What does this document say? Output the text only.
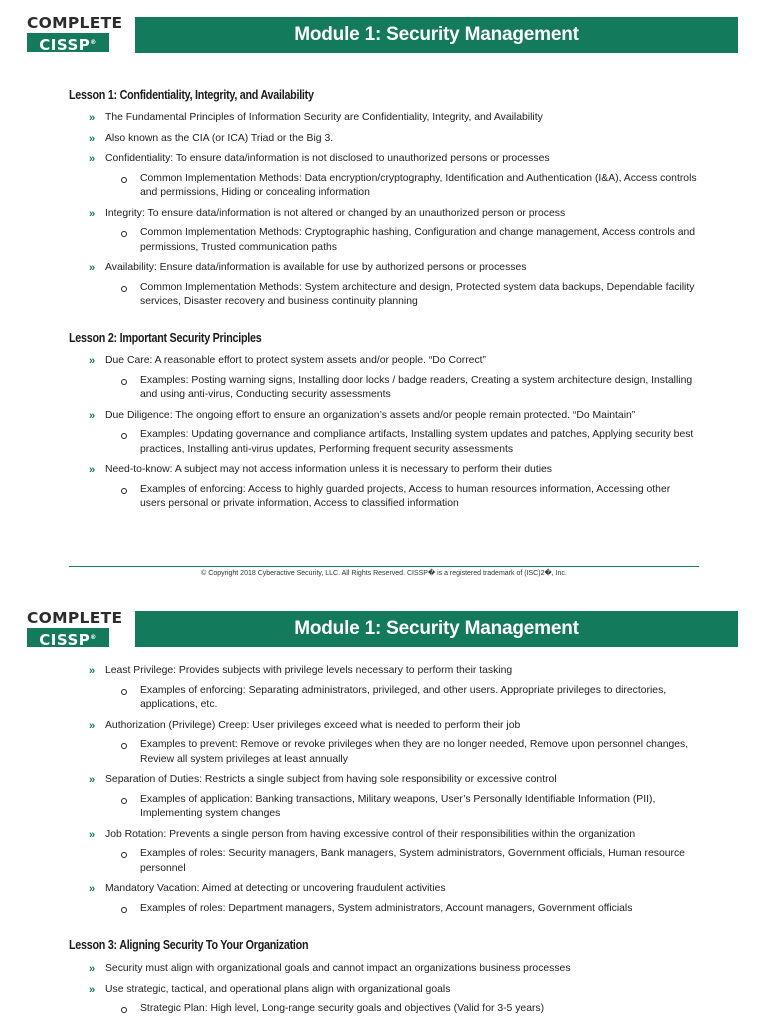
COMPLETE
CISSP®	Module 1: Security Management
Lesson 1: Confidentiality, Integrity, and Availability
» The Fundamental Principles of Information Security are Confidentiality, Integrity, and Availability
» Also known as the CIA (or ICA) Triad or the Big 3.
» Confidentiality: To ensure data/information is not disclosed to unauthorized persons or processes
Common Implementation Methods: Data encryption/cryptography, Identification and Authentication (I&A), Access controls and permissions, Hiding or concealing information
» Integrity: To ensure data/information is not altered or changed by an unauthorized person or process
Common Implementation Methods: Cryptographic hashing, Configuration and change management, Access controls and permissions, Trusted communication paths
» Availability: Ensure data/information is available for use by authorized persons or processes
Common Implementation Methods: System architecture and design, Protected system data backups, Dependable facility services, Disaster recovery and business continuity planning
Lesson 2: Important Security Principles
» Due Care: A reasonable effort to protect system assets and/or people. “Do Correct”
Examples: Posting warning signs, Installing door locks / badge readers, Creating a system architecture design, Installing and using anti-virus, Conducting security assessments
» Due Diligence: The ongoing effort to ensure an organization’s assets and/or people remain protected. “Do Maintain”
Examples: Updating governance and compliance artifacts, Installing system updates and patches, Applying security best practices, Installing anti-virus updates, Performing frequent security assessments
» Need-to-know: A subject may not access information unless it is necessary to perform their duties
Examples of enforcing: Access to highly guarded projects, Access to human resources information, Accessing other users personal or private information, Access to classified information
© Copyright 2018 Cyberactive Security, LLC. All Rights Reserved. CISSP� is a registered trademark of (ISC)2�, Inc.
COMPLETE
CISSP®	Module 1: Security Management
» Least Privilege: Provides subjects with privilege levels necessary to perform their tasking
Examples of enforcing: Separating administrators, privileged, and other users. Appropriate privileges to directories, applications, etc.
» Authorization (Privilege) Creep: User privileges exceed what is needed to perform their job
Examples to prevent: Remove or revoke privileges when they are no longer needed, Remove upon personnel changes, Review all system privileges at least annually
» Separation of Duties: Restricts a single subject from having sole responsibility or excessive control
Examples of application: Banking transactions, Military weapons, User’s Personally Identifiable Information (PII), Implementing system changes
» Job Rotation: Prevents a single person from having excessive control of their responsibilities within the organization
Examples of roles: Security managers, Bank managers, System administrators, Government officials, Human resource personnel
» Mandatory Vacation: Aimed at detecting or uncovering fraudulent activities
Examples of roles: Department managers, System administrators, Account managers, Government officials
Lesson 3: Aligning Security To Your Organization
» Security must align with organizational goals and cannot impact an organizations business processes
» Use strategic, tactical, and operational plans align with organizational goals
Strategic Plan: High level, Long-range security goals and objectives (Valid for 3-5 years)
